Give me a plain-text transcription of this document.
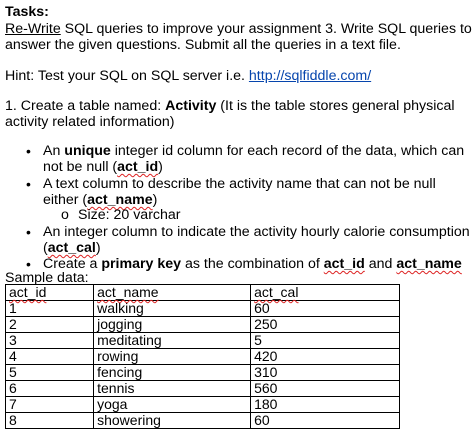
Tasks:
Re-Write SQL queries to improve your assignment 3. Write SQL queries to
answer the given questions. Submit all the queries in a text file.
Hint: Test your SQL on SQL server i.e. http://sqlfiddle.com/
1. Create a table named: Activity (It is the table stores general physical
activity related information)
• An unique integer id column for each record of the data, which can
not be null (act_id)
• A text column to describe the activity name that can not be null
either (act_name)
o Size: 20 varchar
• An integer column to indicate the activity hourly calorie consumption
(act_cal)
• Create a primary key as the combination of act_id and act_name
Sample data:
act_id	act_name	act_cal
1	walking	60
2	jogging	250
3	meditating	5
4	rowing	420
5	fencing	310
6	tennis	560
7	yoga	180
8	showering	60
